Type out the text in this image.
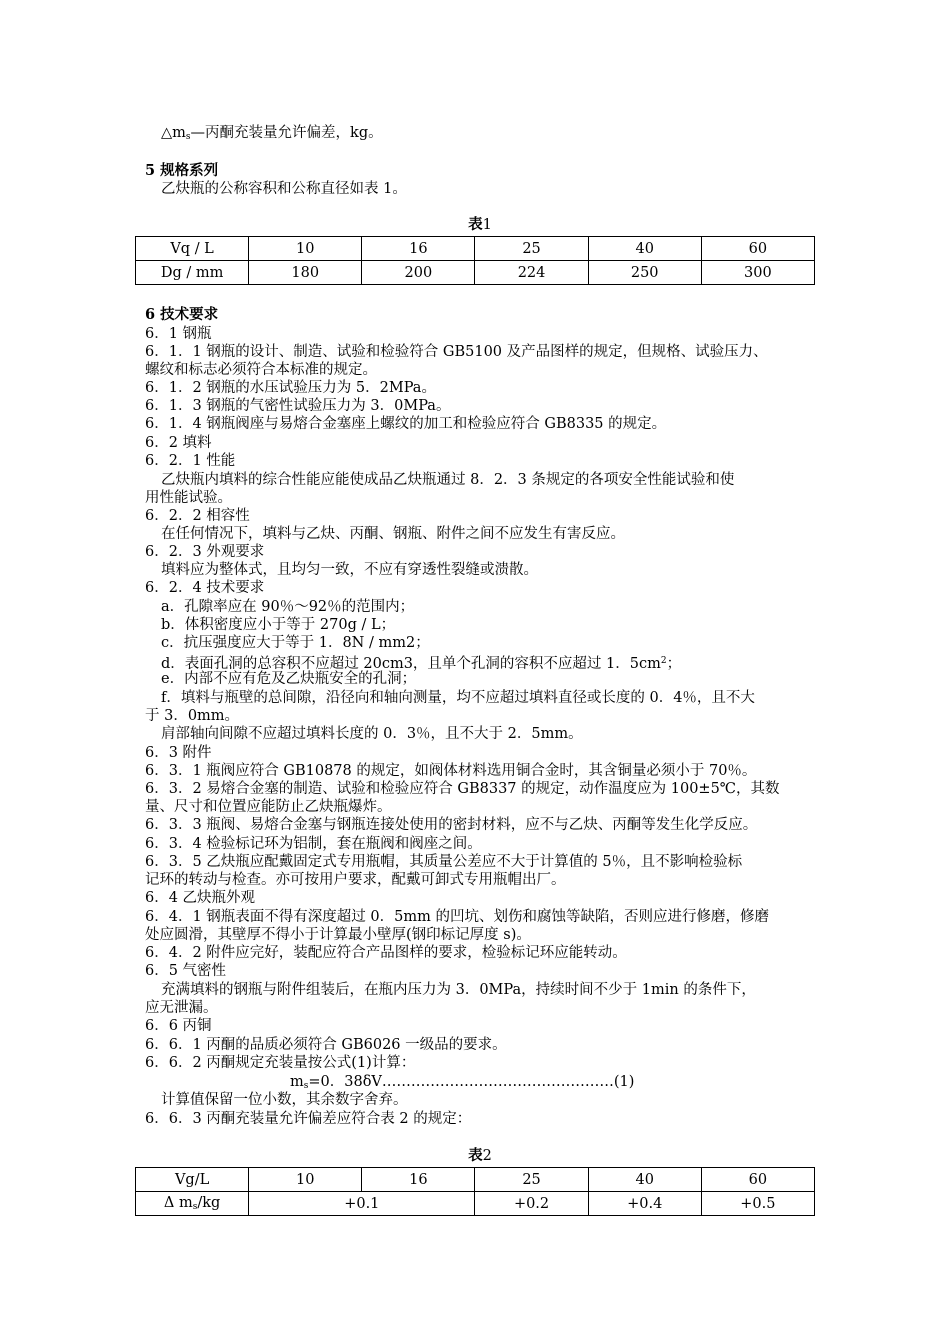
$\triangle m_s—$丙酮充装量允许偏差，kg。
5 规格系列
乙炔瓶的公称容积和公称直径如表 1。
表1
Vq / L	10	16	25	40	60
Dg / mm	180	200	224	250	300
6 技术要求
6．1 钢瓶
6．1．1 钢瓶的设计、制造、试验和检验符合 GB5100 及产品图样的规定，但规格、试验压力、
螺纹和标志必须符合本标准的规定。
6．1．2 钢瓶的水压试验压力为 5．2MPa。
6．1．3 钢瓶的气密性试验压力为 3．0MPa。
6．1．4 钢瓶阀座与易熔合金塞座上螺纹的加工和检验应符合 GB8335 的规定。
6．2 填料
6．2．1 性能
乙炔瓶内填料的综合性能应能使成品乙炔瓶通过 8．2．3 条规定的各项安全性能试验和使
用性能试验。
6．2．2 相容性
在任何情况下，填料与乙炔、丙酮、钢瓶、附件之间不应发生有害反应。
6．2．3 外观要求
填料应为整体式，且均匀一致，不应有穿透性裂缝或溃散。
6．2．4 技术要求
a．孔隙率应在 90％～92％的范围内；
b．体积密度应小于等于 270g / L；
c．抗压强度应大于等于 1．8N / mm2；
d．表面孔洞的总容积不应超过 20cm3，且单个孔洞的容积不应超过 1．$5cm^2$；
e．内部不应有危及乙炔瓶安全的孔洞；
f．填料与瓶壁的总间隙，沿径向和轴向测量，均不应超过填料直径或长度的 0．4％，且不大
于 3．0mm。
肩部轴向间隙不应超过填料长度的 0．3％，且不大于 2．5mm。
6．3 附件
6．3．1 瓶阀应符合 GB10878 的规定，如阀体材料选用铜合金时，其含铜量必须小于 70％。
6．3．2 易熔合金塞的制造、试验和检验应符合 GB8337 的规定，动作温度应为 100±5℃，其数
量、尺寸和位置应能防止乙炔瓶爆炸。
6．3．3 瓶阀、易熔合金塞与钢瓶连接处使用的密封材料，应不与乙炔、丙酮等发生化学反应。
6．3．4 检验标记环为铝制，套在瓶阀和阀座之间。
6．3．5 乙炔瓶应配戴固定式专用瓶帽，其质量公差应不大于计算值的 5％，且不影响检验标
记环的转动与检查。亦可按用户要求，配戴可卸式专用瓶帽出厂。
6．4 乙炔瓶外观
6．4．1 钢瓶表面不得有深度超过 0．5mm 的凹坑、划伤和腐蚀等缺陷，否则应进行修磨，修磨
处应圆滑，其壁厚不得小于计算最小壁厚(钢印标记厚度 s)。
6．4．2 附件应完好，装配应符合产品图样的要求，检验标记环应能转动。
6．5 气密性
充满填料的钢瓶与附件组装后，在瓶内压力为 3．0MPa，持续时间不少于 1min 的条件下，
应无泄漏。
6．6 丙铜
6．6．1 丙酮的品质必须符合 GB6026 一级品的要求。
6．6．2 丙酮规定充装量按公式(1)计算：
$m_s=0$．38δV…………………………………………(1)
计算值保留一位小数，其余数字舍弃。
6．6．3 丙酮充装量允许偏差应符合表 2 的规定：
表2
Vg/L	10	16	25	40	60
Δ $m_s/kg$	+0.1		+0.2	+0.4	+0.5
